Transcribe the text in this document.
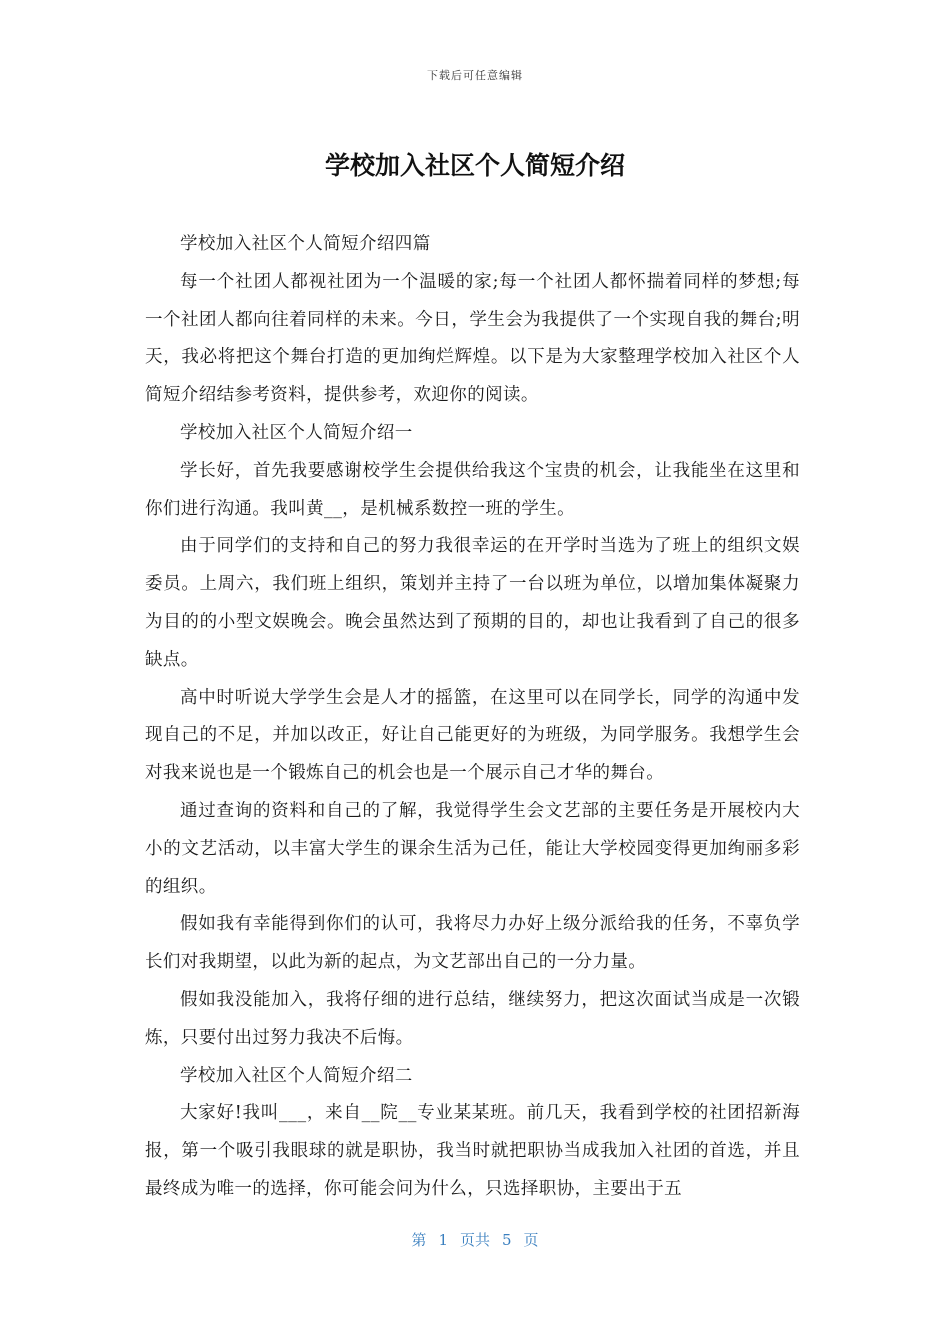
下载后可任意编辑
学校加入社区个人简短介绍

学校加入社区个人简短介绍四篇

每一个社团人都视社团为一个温暖的家;每一个社团人都怀揣着同样的梦想;每一个社团人都向往着同样的未来。今日，学生会为我提供了一个实现自我的舞台;明天，我必将把这个舞台打造的更加绚烂辉煌。以下是为大家整理学校加入社区个人简短介绍结参考资料，提供参考，欢迎你的阅读。

学校加入社区个人简短介绍一

学长好，首先我要感谢校学生会提供给我这个宝贵的机会，让我能坐在这里和你们进行沟通。我叫黄__，是机械系数控一班的学生。

由于同学们的支持和自己的努力我很幸运的在开学时当选为了班上的组织文娱委员。上周六，我们班上组织，策划并主持了一台以班为单位，以增加集体凝聚力为目的的小型文娱晚会。晚会虽然达到了预期的目的，却也让我看到了自己的很多缺点。

高中时听说大学学生会是人才的摇篮，在这里可以在同学长，同学的沟通中发现自己的不足，并加以改正，好让自己能更好的为班级，为同学服务。我想学生会对我来说也是一个锻炼自己的机会也是一个展示自己才华的舞台。

通过查询的资料和自己的了解，我觉得学生会文艺部的主要任务是开展校内大小的文艺活动，以丰富大学生的课余生活为己任，能让大学校园变得更加绚丽多彩的组织。

假如我有幸能得到你们的认可，我将尽力办好上级分派给我的任务，不辜负学长们对我期望，以此为新的起点，为文艺部出自己的一分力量。

假如我没能加入，我将仔细的进行总结，继续努力，把这次面试当成是一次锻炼，只要付出过努力我决不后悔。

学校加入社区个人简短介绍二

大家好!我叫___，来自__院__专业某某班。前几天，我看到学校的社团招新海报，第一个吸引我眼球的就是职协，我当时就把职协当成我加入社团的首选，并且最终成为唯一的选择，你可能会问为什么，只选择职协，主要出于五

第 1 页共 5 页
